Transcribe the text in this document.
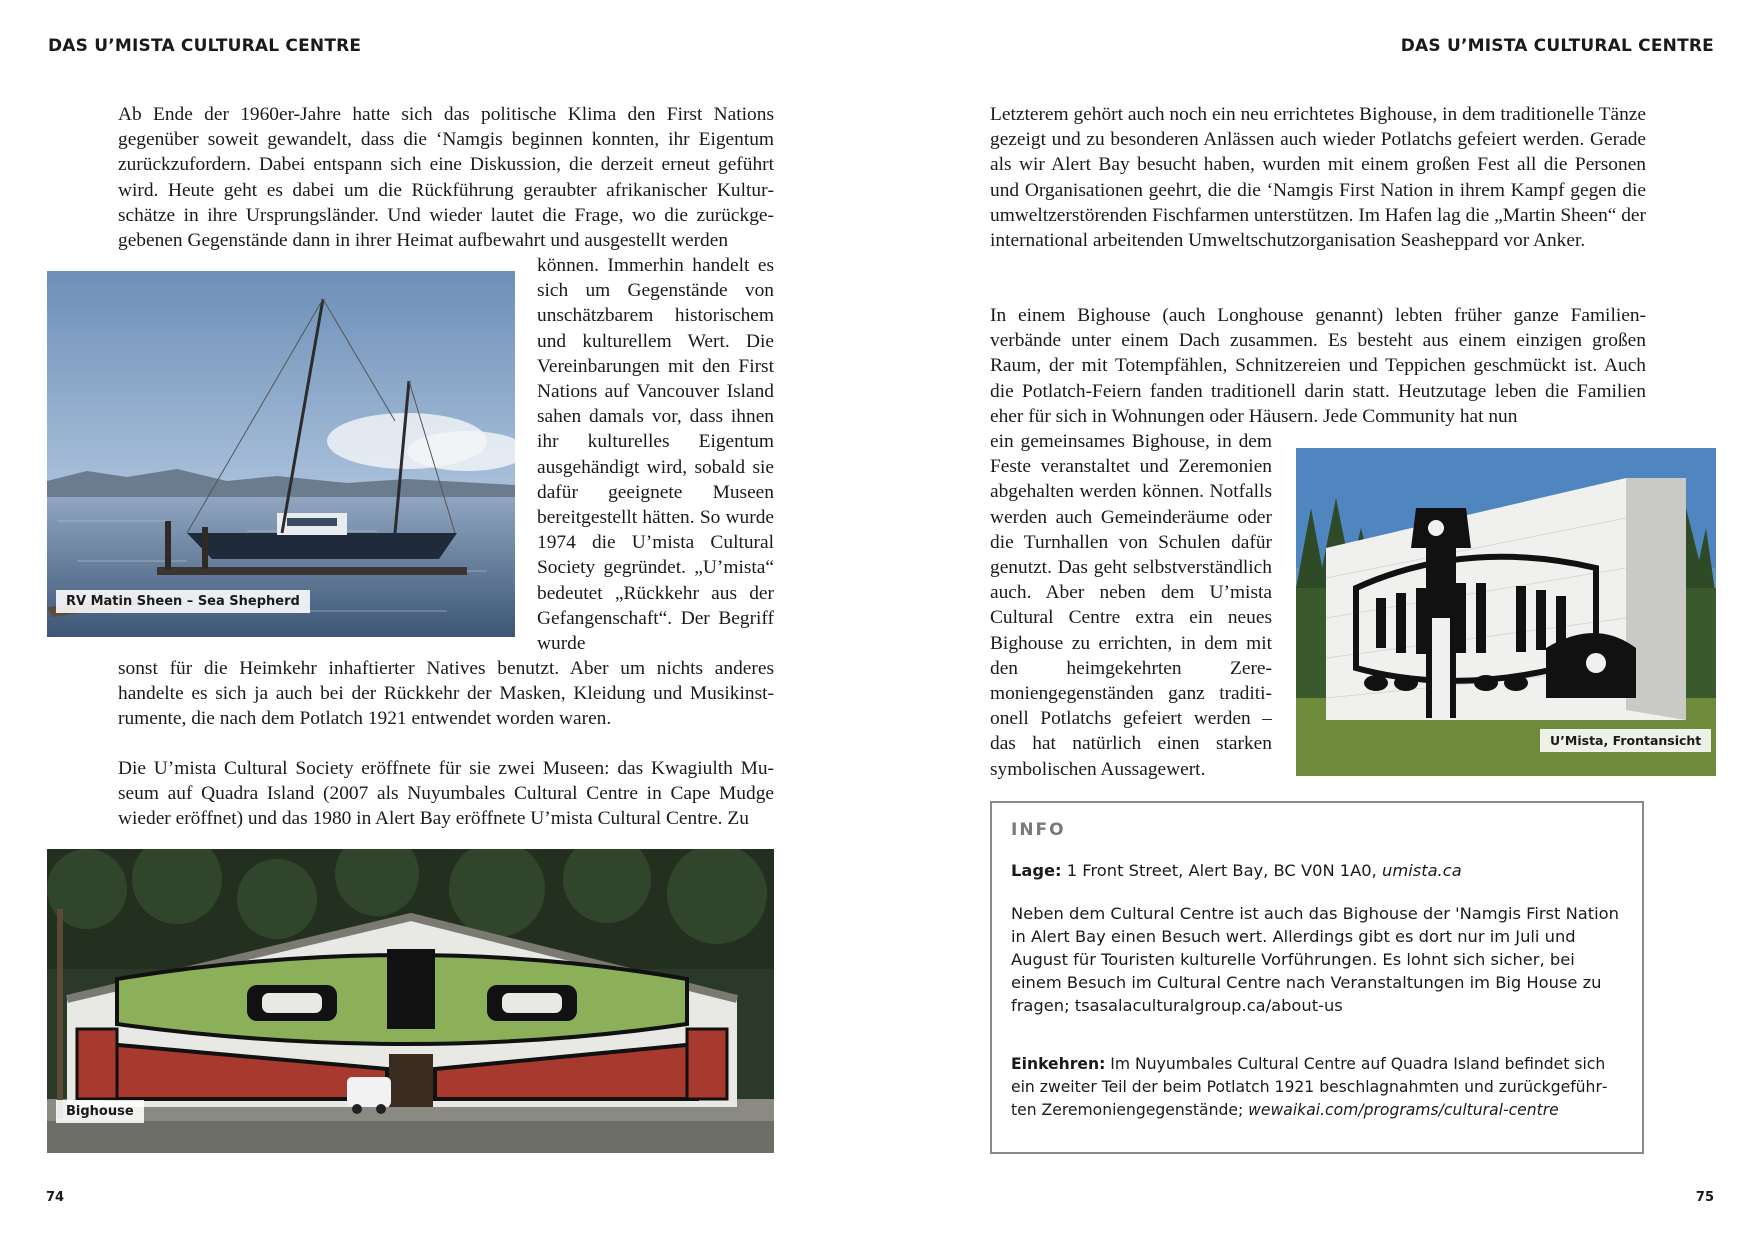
DAS U’MISTA CULTURAL CENTRE
Ab Ende der 1960er-Jahre hatte sich das politische Klima den First Nations gegenüber soweit gewandelt, dass die ‘Namgis beginnen konnten, ihr Eigentum zurückzufordern. Dabei entspann sich eine Diskussion, die derzeit erneut geführt wird. Heute geht es dabei um die Rückführung geraubter afrikanischer Kulturschätze in ihre Ursprungsländer. Und wieder lautet die Frage, wo die zurückgegebenen Gegenstände dann in ihrer Heimat aufbewahrt und ausgestellt werden
RV Matin Sheen – Sea Shepherd
können. Immerhin handelt es sich um Gegenstände von unschätzbarem historischem und kulturellem Wert. Die Vereinbarungen mit den First Nations auf Vancouver Island sahen damals vor, dass ihnen ihr kulturelles Eigentum ausgehändigt wird, sobald sie dafür geeignete Museen bereitgestellt hätten. So wurde 1974 die U’mista Cultural Society gegründet. „U’mista“ bedeutet „Rückkehr aus der Gefangenschaft“. Der Begriff wurde
sonst für die Heimkehr inhaftierter Natives benutzt. Aber um nichts anderes handelte es sich ja auch bei der Rückkehr der Masken, Kleidung und Musikinstrumente, die nach dem Potlatch 1921 entwendet worden waren.
Die U’mista Cultural Society eröffnete für sie zwei Museen: das Kwagiulth Museum auf Quadra Island (2007 als Nuyumbales Cultural Centre in Cape Mudge wieder eröffnet) und das 1980 in Alert Bay eröffnete U’mista Cultural Centre. Zu
Bighouse
74
DAS U’MISTA CULTURAL CENTRE
Letzterem gehört auch noch ein neu errichtetes Bighouse, in dem traditionelle Tänze gezeigt und zu besonderen Anlässen auch wieder Potlatchs gefeiert werden. Gerade als wir Alert Bay besucht haben, wurden mit einem großen Fest all die Personen und Organisationen geehrt, die die ‘Namgis First Nation in ihrem Kampf gegen die umweltzerstörenden Fischfarmen unterstützen. Im Hafen lag die „Martin Sheen“ der international arbeitenden Umweltschutzorganisation Seasheppard vor Anker.
In einem Bighouse (auch Longhouse genannt) lebten früher ganze Familienverbände unter einem Dach zusammen. Es besteht aus einem einzigen großen Raum, der mit Totempfählen, Schnitzereien und Teppichen geschmückt ist. Auch die Potlatch-Feiern fanden traditionell darin statt. Heutzutage leben die Familien eher für sich in Wohnungen oder Häusern. Jede Community hat nun
ein gemeinsames Bighouse, in dem Feste veranstaltet und Zeremonien abgehalten werden können. Notfalls werden auch Gemeinderäume oder die Turnhallen von Schulen dafür genutzt. Das geht selbstverständlich auch. Aber neben dem U’mista Cultural Centre extra ein neues Bighouse zu errichten, in dem mit den heimgekehrten Zeremoniengegenständen ganz traditionell Potlatchs gefeiert werden – das hat natürlich einen starken symbolischen Aussagewert.
U’Mista, Frontansicht
INFO
Lage: 1 Front Street, Alert Bay, BC V0N 1A0, umista.ca
Neben dem Cultural Centre ist auch das Bighouse der 'Namgis First Nation in Alert Bay einen Besuch wert. Allerdings gibt es dort nur im Juli und August für Touristen kulturelle Vorführungen. Es lohnt sich sicher, bei einem Besuch im Cultural Centre nach Veranstaltungen im Big House zu fragen; tsasalaculturalgroup.ca/about-us
Einkehren: Im Nuyumbales Cultural Centre auf Quadra Island befindet sich ein zweiter Teil der beim Potlatch 1921 beschlagnahmten und zurückgeführten Zeremoniengegenstände; wewaikai.com/programs/cultural-centre
75
